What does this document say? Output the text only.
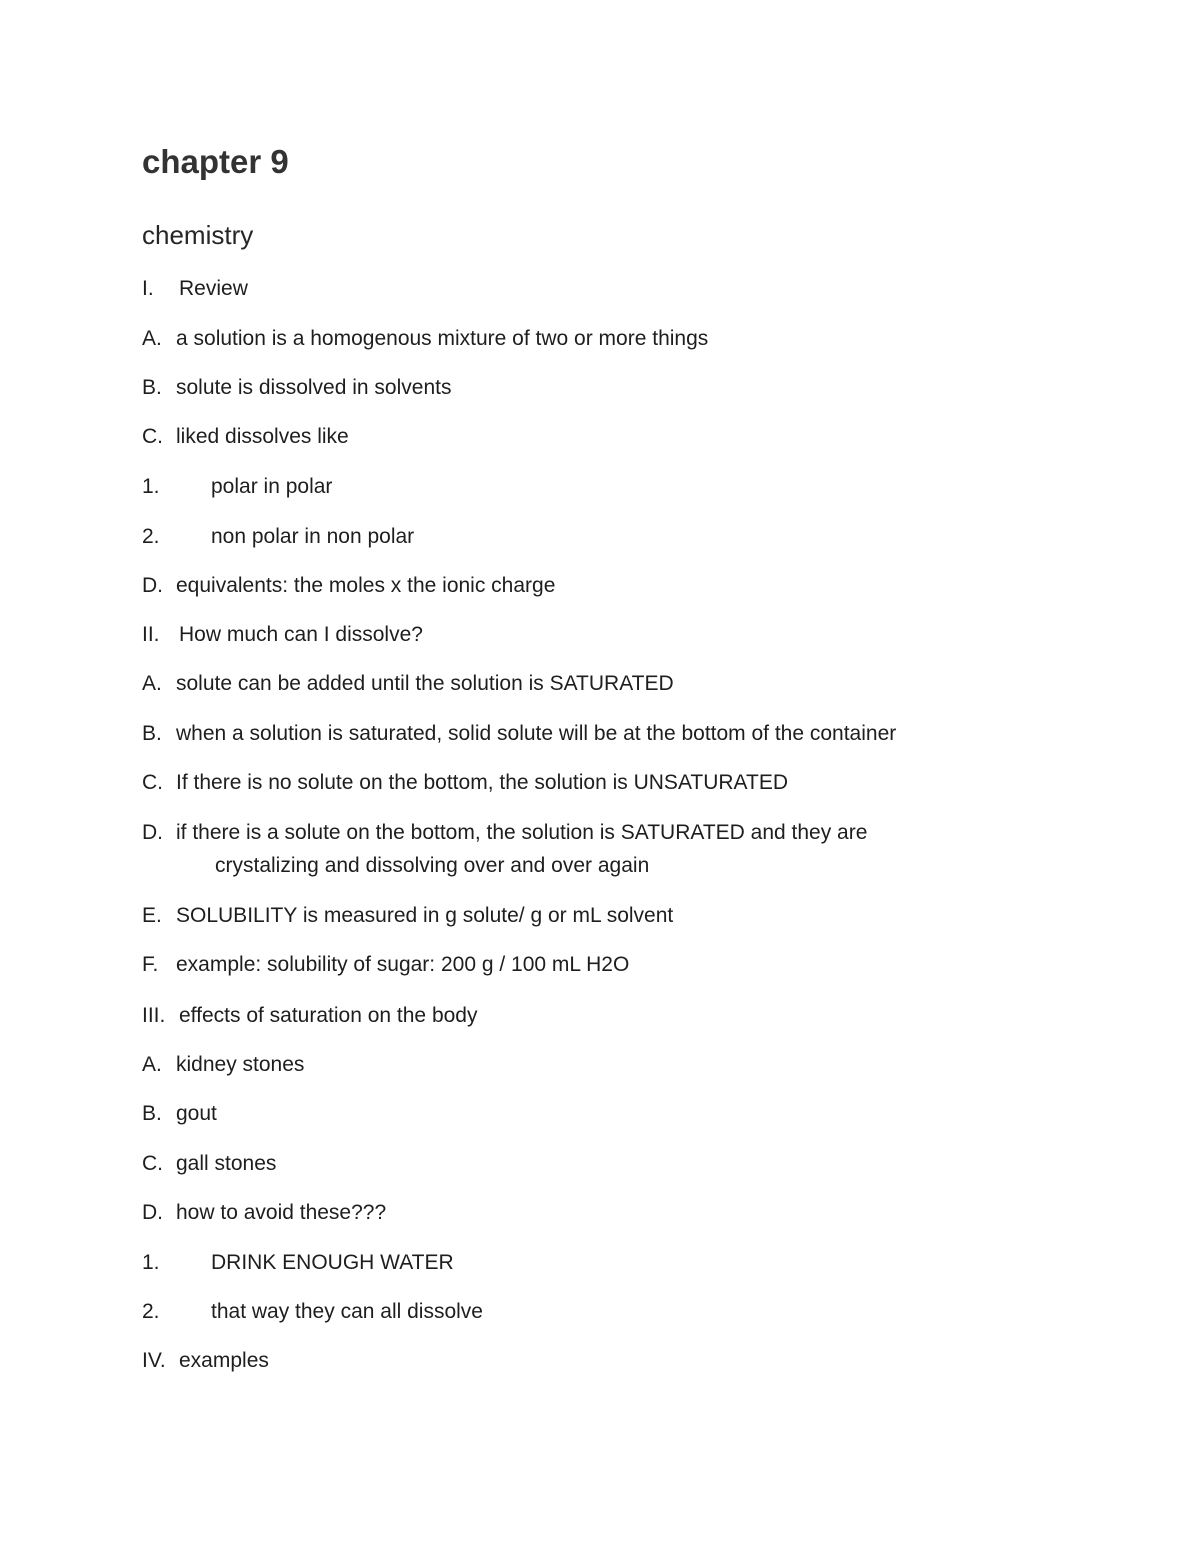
chapter 9
chemistry
I. Review
A. a solution is a homogenous mixture of two or more things
B. solute is dissolved in solvents
C. liked dissolves like
1. polar in polar
2. non polar in non polar
D. equivalents: the moles x the ionic charge
II. How much can I dissolve?
A. solute can be added until the solution is SATURATED
B. when a solution is saturated, solid solute will be at the bottom of the container
C. If there is no solute on the bottom, the solution is UNSATURATED
D. if there is a solute on the bottom, the solution is SATURATED and they are
crystalizing and dissolving over and over again
E. SOLUBILITY is measured in g solute/ g or mL solvent
F. example: solubility of sugar: 200 g / 100 mL H2O
III. effects of saturation on the body
A. kidney stones
B. gout
C. gall stones
D. how to avoid these???
1. DRINK ENOUGH WATER
2. that way they can all dissolve
IV. examples
